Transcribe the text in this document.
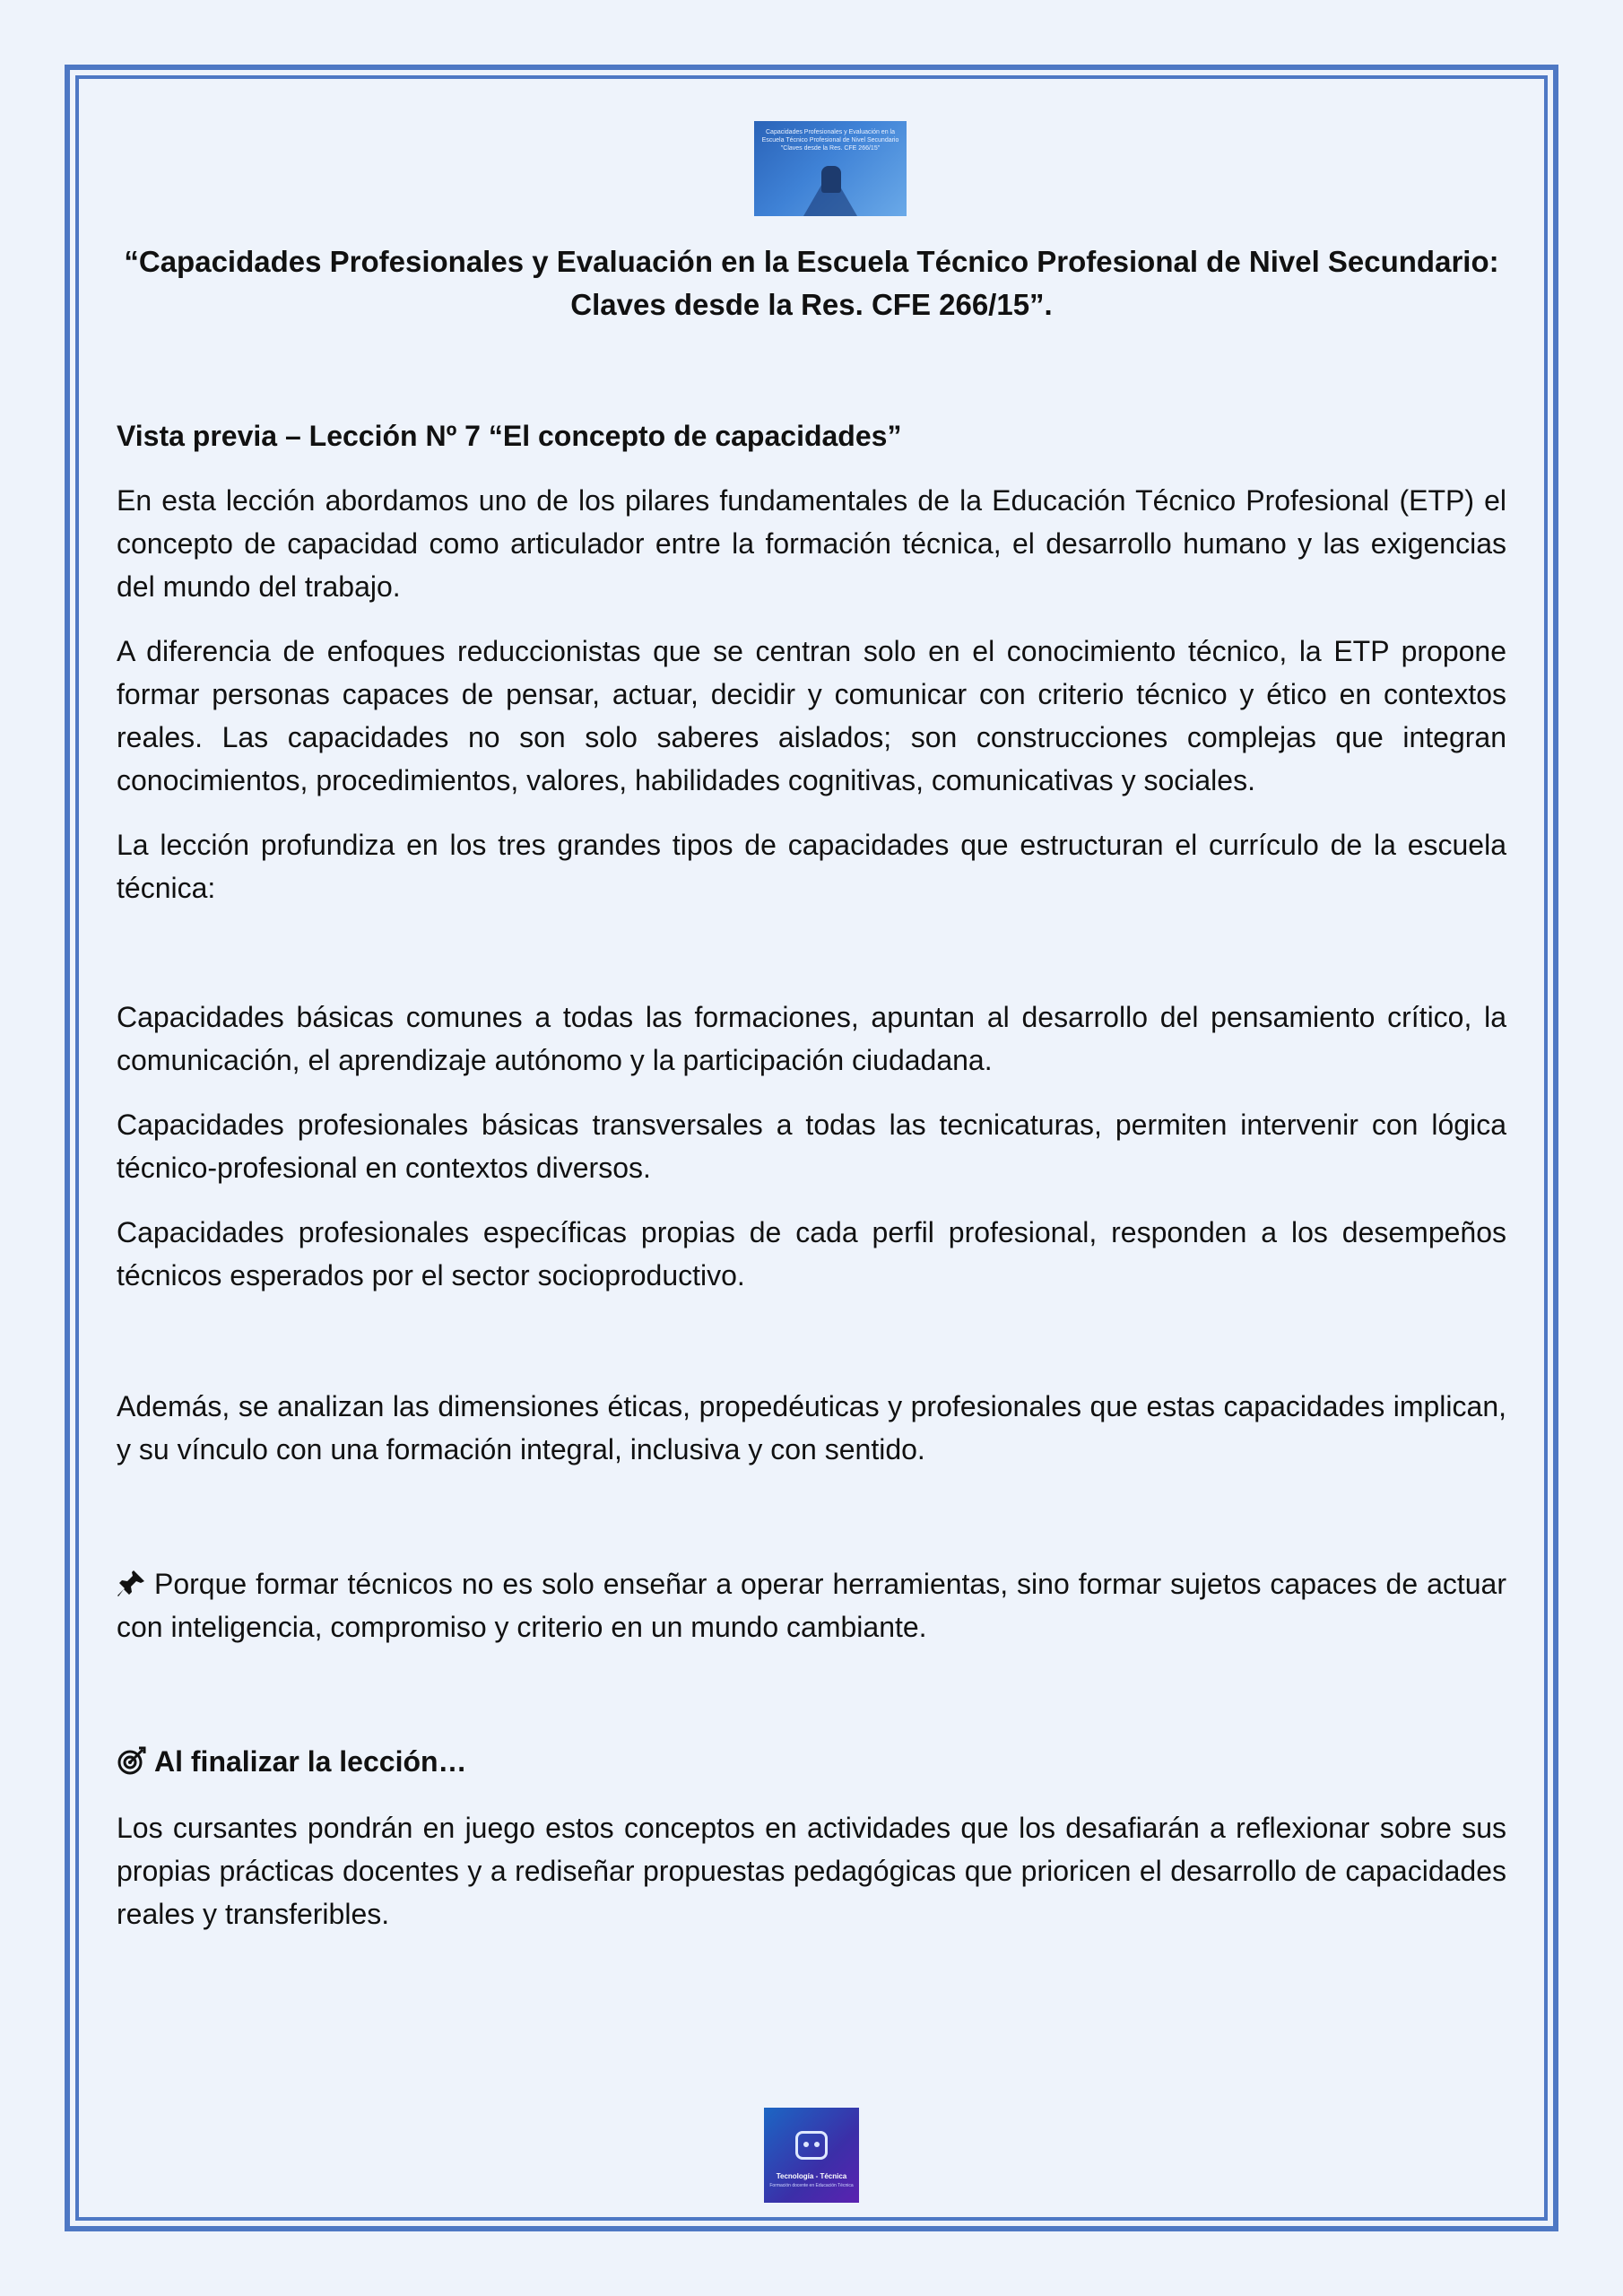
Capacidades Profesionales y Evaluación en la
Escuela Técnico Profesional de Nivel Secundario
"Claves desde la Res. CFE 266/15"
“Capacidades Profesionales y Evaluación en la Escuela Técnico Profesional de Nivel Secundario: Claves desde la Res. CFE 266/15”.
Vista previa – Lección Nº 7 “El concepto de capacidades”
En esta lección abordamos uno de los pilares fundamentales de la Educación Técnico Profesional (ETP) el concepto de capacidad como articulador entre la formación técnica, el desarrollo humano y las exigencias del mundo del trabajo.
A diferencia de enfoques reduccionistas que se centran solo en el conocimiento técnico, la ETP propone formar personas capaces de pensar, actuar, decidir y comunicar con criterio técnico y ético en contextos reales. Las capacidades no son solo saberes aislados; son construcciones complejas que integran conocimientos, procedimientos, valores, habilidades cognitivas, comunicativas y sociales.
La lección profundiza en los tres grandes tipos de capacidades que estructuran el currículo de la escuela técnica:
Capacidades básicas comunes a todas las formaciones, apuntan al desarrollo del pensamiento crítico, la comunicación, el aprendizaje autónomo y la participación ciudadana.
Capacidades profesionales básicas transversales a todas las tecnicaturas, permiten intervenir con lógica técnico-profesional en contextos diversos.
Capacidades profesionales específicas propias de cada perfil profesional, responden a los desempeños técnicos esperados por el sector socioproductivo.
Además, se analizan las dimensiones éticas, propedéuticas y profesionales que estas capacidades implican, y su vínculo con una formación integral, inclusiva y con sentido.
Porque formar técnicos no es solo enseñar a operar herramientas, sino formar sujetos capaces de actuar con inteligencia, compromiso y criterio en un mundo cambiante.
Al finalizar la lección…
Los cursantes pondrán en juego estos conceptos en actividades que los desafiarán a reflexionar sobre sus propias prácticas docentes y a rediseñar propuestas pedagógicas que prioricen el desarrollo de capacidades reales y transferibles.
Tecnología - Técnica
Formación docente en Educación Técnica
